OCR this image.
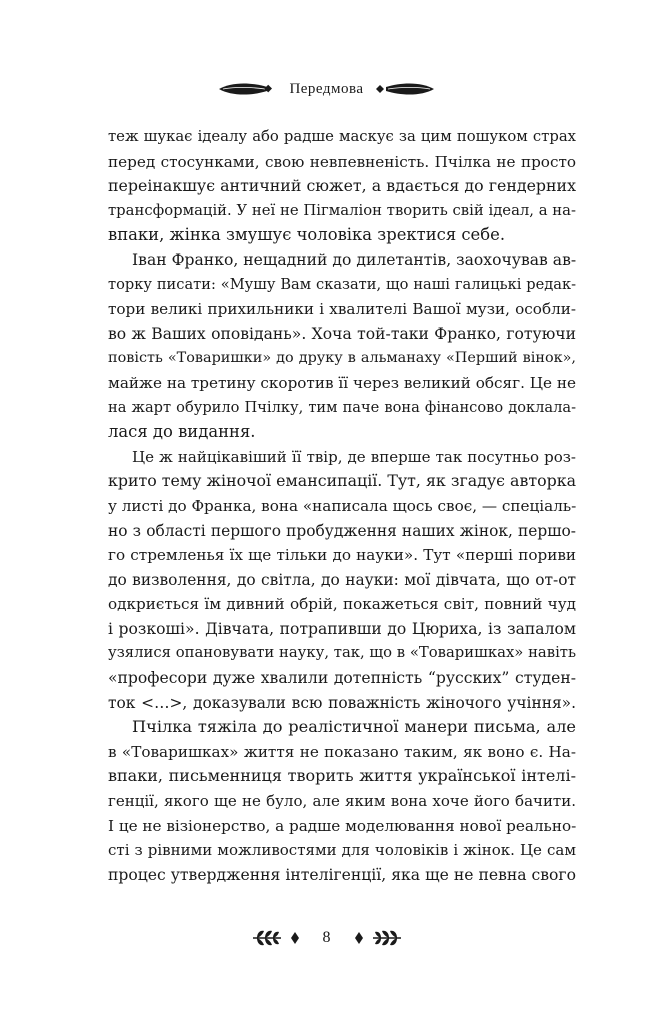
Передмова
теж шукає ідеалу або радше маскує за цим пошуком страх
перед стосунками, свою невпевненість. Пчілка не просто
переінакшує античний сюжет, а вдається до гендерних
трансформацій. У неї не Пігмаліон творить свій ідеал, а на-
впаки, жінка змушує чоловіка зректися себе.
Іван Франко, нещадний до дилетантів, заохочував ав-
торку писати: «Мушу Вам сказати, що наші галицькі редак-
тори великі прихильники і хвалителі Вашої музи, особли-
во ж Ваших оповідань». Хоча той-таки Франко, готуючи
повість «Товаришки» до друку в альманаху «Перший вінок»,
майже на третину скоротив її через великий обсяг. Це не
на жарт обурило Пчілку, тим паче вона фінансово доклала-
лася до видання.
Це ж найцікавіший її твір, де вперше так посутньо роз-
крито тему жіночої емансипації. Тут, як згадує авторка
у листі до Франка, вона «написала щось своє, — спеціаль-
но з області першого пробудження наших жінок, першо-
го стремленья їх ще тільки до науки». Тут «перші пориви
до визволення, до світла, до науки: мої дівчата, що от-от
одкриється їм дивний обрій, покажеться світ, повний чуд
і розкоші». Дівчата, потрапивши до Цюриха, із запалом
узялися опановувати науку, так, що в «Товаришках» навіть
«професори дуже хвалили дотепність “русских” студен-
ток <…>, доказували всю поважність жіночого учіння».
Пчілка тяжіла до реалістичної манери письма, але
в «Товаришках» життя не показано таким, як воно є. На-
впаки, письменниця творить життя української інтелі-
генції, якого ще не було, але яким вона хоче його бачити.
І це не візіонерство, а радше моделювання нової реально-
сті з рівними можливостями для чоловіків і жінок. Це сам
процес утвердження інтелігенції, яка ще не певна свого
8
